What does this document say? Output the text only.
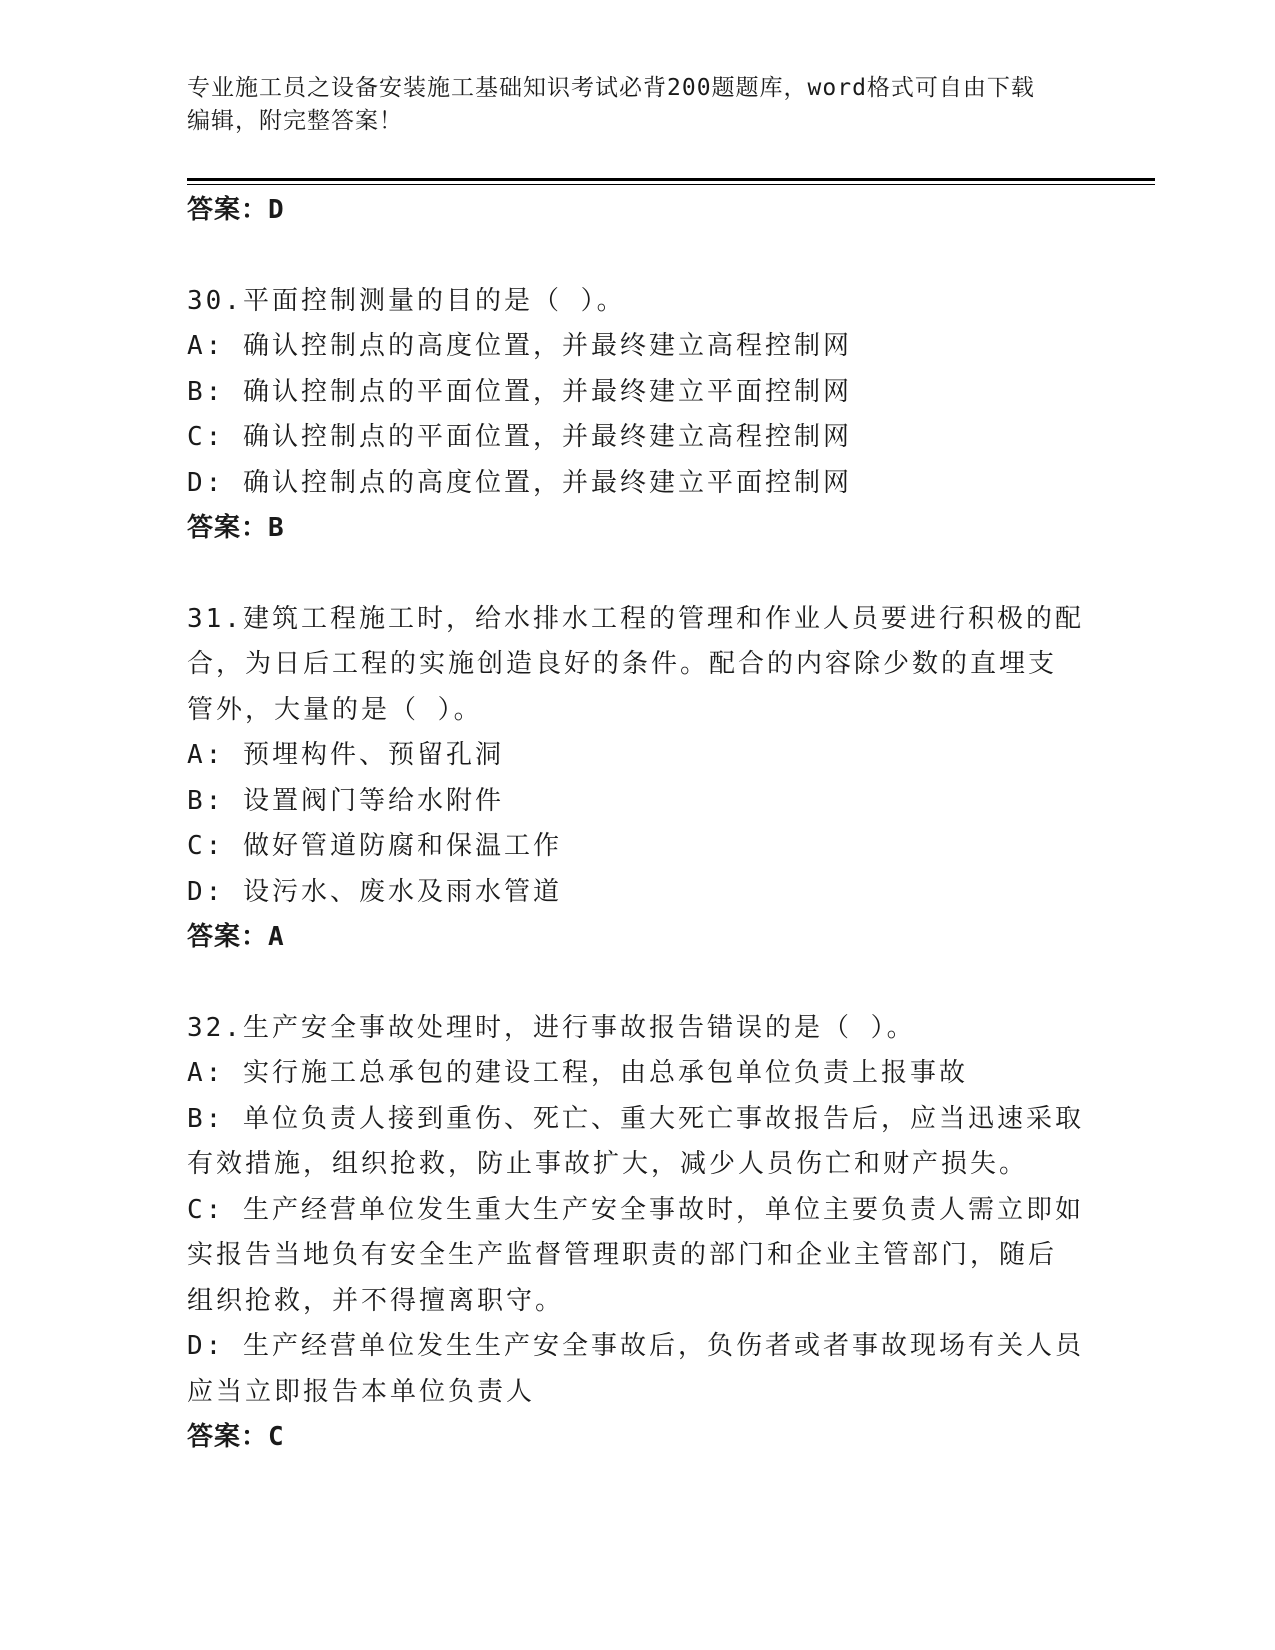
专业施工员之设备安装施工基础知识考试必背200题题库，word格式可自由下载
编辑，附完整答案！
答案：D
30.平面控制测量的目的是（ ）。
A: 确认控制点的高度位置，并最终建立高程控制网
B: 确认控制点的平面位置，并最终建立平面控制网
C: 确认控制点的平面位置，并最终建立高程控制网
D: 确认控制点的高度位置，并最终建立平面控制网
答案：B
31.建筑工程施工时，给水排水工程的管理和作业人员要进行积极的配
合，为日后工程的实施创造良好的条件。配合的内容除少数的直埋支
管外，大量的是（ ）。
A: 预埋构件、预留孔洞
B: 设置阀门等给水附件
C: 做好管道防腐和保温工作
D: 设污水、废水及雨水管道
答案：A
32.生产安全事故处理时，进行事故报告错误的是（ ）。
A: 实行施工总承包的建设工程，由总承包单位负责上报事故
B: 单位负责人接到重伤、死亡、重大死亡事故报告后，应当迅速采取
有效措施，组织抢救，防止事故扩大，减少人员伤亡和财产损失。
C: 生产经营单位发生重大生产安全事故时，单位主要负责人需立即如
实报告当地负有安全生产监督管理职责的部门和企业主管部门，随后
组织抢救，并不得擅离职守。
D: 生产经营单位发生生产安全事故后，负伤者或者事故现场有关人员
应当立即报告本单位负责人
答案：C
